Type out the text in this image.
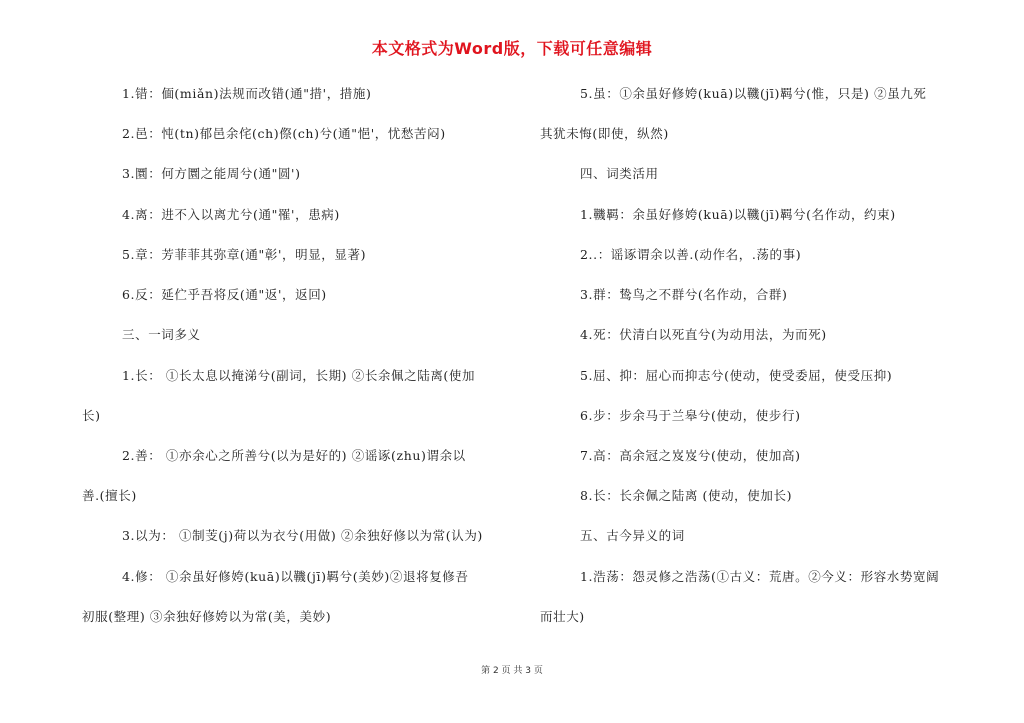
本文格式为Word版，下载可任意编辑
1.错：偭(miǎn)法规而改错(通"措'，措施)
2.邑：忳(tn)郁邑余侘(ch)傺(ch)兮(通"悒'，忧愁苦闷)
3.圜：何方圜之能周兮(通"圆')
4.离：进不入以离尤兮(通"罹'，患病)
5.章：芳菲菲其弥章(通"彰'，明显，显著)
6.反：延伫乎吾将反(通"返'，返回)
三、一词多义
1.长： ①长太息以掩涕兮(副词，长期) ②长余佩之陆离(使加
长)
2.善： ①亦余心之所善兮(以为是好的) ②谣诼(zhu)谓余以
善.(擅长)
3.以为： ①制芰(j)荷以为衣兮(用做) ②余独好修以为常(认为)
4.修： ①余虽好修姱(kuā)以鞿(jī)羁兮(美妙)②退将复修吾
初服(整理) ③余独好修姱以为常(美，美妙)
5.虽：①余虽好修姱(kuā)以鞿(jī)羁兮(惟，只是) ②虽九死
其犹未悔(即使，纵然)
四、词类活用
1.鞿羁：余虽好修姱(kuā)以鞿(jī)羁兮(名作动，约束)
2..：谣诼谓余以善.(动作名，.荡的事)
3.群：鸷鸟之不群兮(名作动，合群)
4.死：伏清白以死直兮(为动用法，为而死)
5.屈、抑：屈心而抑志兮(使动，使受委屈，使受压抑)
6.步：步余马于兰皋兮(使动，使步行)
7.高：高余冠之岌岌兮(使动，使加高)
8.长：长余佩之陆离 (使动，使加长)
五、古今异义的词
1.浩荡：怨灵修之浩荡(①古义：荒唐。②今义：形容水势宽阔
而壮大)
第 2 页 共 3 页
